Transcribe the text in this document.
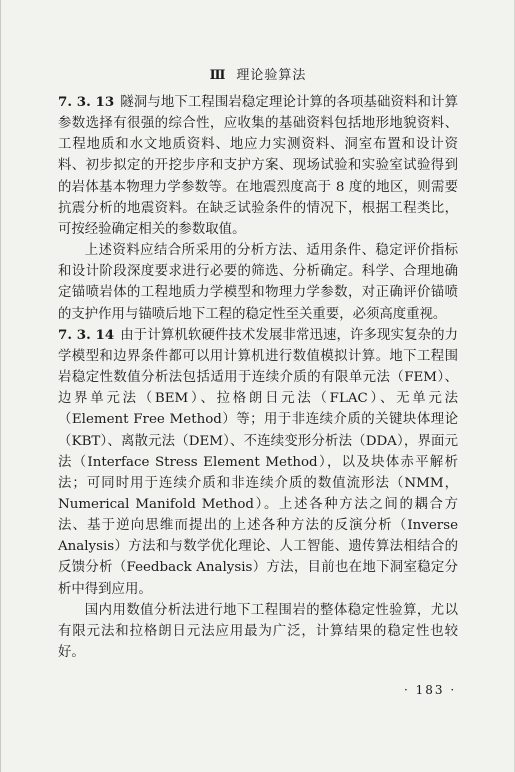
Ⅲ 理论验算法

7. 3. 13 隧洞与地下工程围岩稳定理论计算的各项基础资料和计算参数选择有很强的综合性，应收集的基础资料包括地形地貌资料、工程地质和水文地质资料、地应力实测资料、洞室布置和设计资料、初步拟定的开挖步序和支护方案、现场试验和实验室试验得到的岩体基本物理力学参数等。在地震烈度高于 8 度的地区，则需要抗震分析的地震资料。在缺乏试验条件的情况下，根据工程类比，可按经验确定相关的参数取值。

上述资料应结合所采用的分析方法、适用条件、稳定评价指标和设计阶段深度要求进行必要的筛选、分析确定。科学、合理地确定锚喷岩体的工程地质力学模型和物理力学参数，对正确评价锚喷的支护作用与锚喷后地下工程的稳定性至关重要，必须高度重视。

7. 3. 14 由于计算机软硬件技术发展非常迅速，许多现实复杂的力学模型和边界条件都可以用计算机进行数值模拟计算。地下工程围岩稳定性数值分析法包括适用于连续介质的有限单元法（FEM）、边界单元法（BEM）、拉格朗日元法（FLAC）、无单元法（Element Free Method）等；用于非连续介质的关键块体理论（KBT）、离散元法（DEM）、不连续变形分析法（DDA），界面元法（Interface Stress Element Method），以及块体赤平解析法；可同时用于连续介质和非连续介质的数值流形法（NMM，Numerical Manifold Method）。上述各种方法之间的耦合方法、基于逆向思维而提出的上述各种方法的反演分析（Inverse Analysis）方法和与数学优化理论、人工智能、遗传算法相结合的反馈分析（Feedback Analysis）方法，目前也在地下洞室稳定分析中得到应用。

国内用数值分析法进行地下工程围岩的整体稳定性验算，尤以有限元法和拉格朗日元法应用最为广泛，计算结果的稳定性也较好。

· 183 ·
